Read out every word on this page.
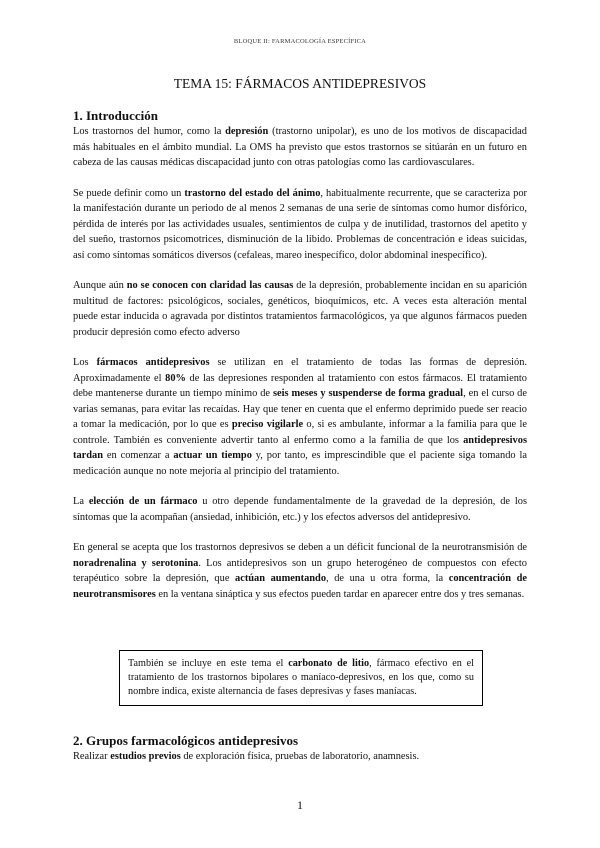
BLOQUE II: FARMACOLOGÍA ESPECÍFICA
TEMA 15: FÁRMACOS ANTIDEPRESIVOS
1. Introducción

Los trastornos del humor, como la depresión (trastorno unipolar), es uno de los motivos de discapacidad más habituales en el ámbito mundial. La OMS ha previsto que estos trastornos se sitúarán en un futuro en cabeza de las causas médicas discapacidad junto con otras patologías como las cardiovasculares.

Se puede definir como un trastorno del estado del ánimo, habitualmente recurrente, que se caracteriza por la manifestación durante un periodo de al menos 2 semanas de una serie de síntomas como humor disfórico, pérdida de interés por las actividades usuales, sentimientos de culpa y de inutilidad, trastornos del apetito y del sueño, trastornos psicomotrices, disminución de la libido. Problemas de concentración e ideas suicidas, así como síntomas somáticos diversos (cefaleas, mareo inespecífico, dolor abdominal inespecífico).

Aunque aún no se conocen con claridad las causas de la depresión, probablemente incidan en su aparición multitud de factores: psicológicos, sociales, genéticos, bioquímicos, etc. A veces esta alteración mental puede estar inducida o agravada por distintos tratamientos farmacológicos, ya que algunos fármacos pueden producir depresión como efecto adverso

Los fármacos antidepresivos se utilizan en el tratamiento de todas las formas de depresión. Aproximadamente el 80% de las depresiones responden al tratamiento con estos fármacos. El tratamiento debe mantenerse durante un tiempo mínimo de seis meses y suspenderse de forma gradual, en el curso de varias semanas, para evitar las recaídas. Hay que tener en cuenta que el enfermo deprimido puede ser reacio a tomar la medicación, por lo que es preciso vigilarle o, si es ambulante, informar a la familia para que le controle. También es conveniente advertir tanto al enfermo como a la familia de que los antidepresivos tardan en comenzar a actuar un tiempo y, por tanto, es imprescindible que el paciente siga tomando la medicación aunque no note mejoría al principio del tratamiento.

La elección de un fármaco u otro depende fundamentalmente de la gravedad de la depresión, de los síntomas que la acompañan (ansiedad, inhibición, etc.) y los efectos adversos del antidepresivo.

En general se acepta que los trastornos depresivos se deben a un déficit funcional de la neurotransmisión de noradrenalina y serotonina. Los antidepresivos son un grupo heterogéneo de compuestos con efecto terapéutico sobre la depresión, que actúan aumentando, de una u otra forma, la concentración de neurotransmisores en la ventana sináptica y sus efectos pueden tardar en aparecer entre dos y tres semanas.

También se incluye en este tema el carbonato de litio, fármaco efectivo en el tratamiento de los trastornos bipolares o maníaco-depresivos, en los que, como su nombre indica, existe alternancia de fases depresivas y fases maníacas.

2. Grupos farmacológicos antidepresivos

Realizar estudios previos de exploración física, pruebas de laboratorio, anamnesis.

1
